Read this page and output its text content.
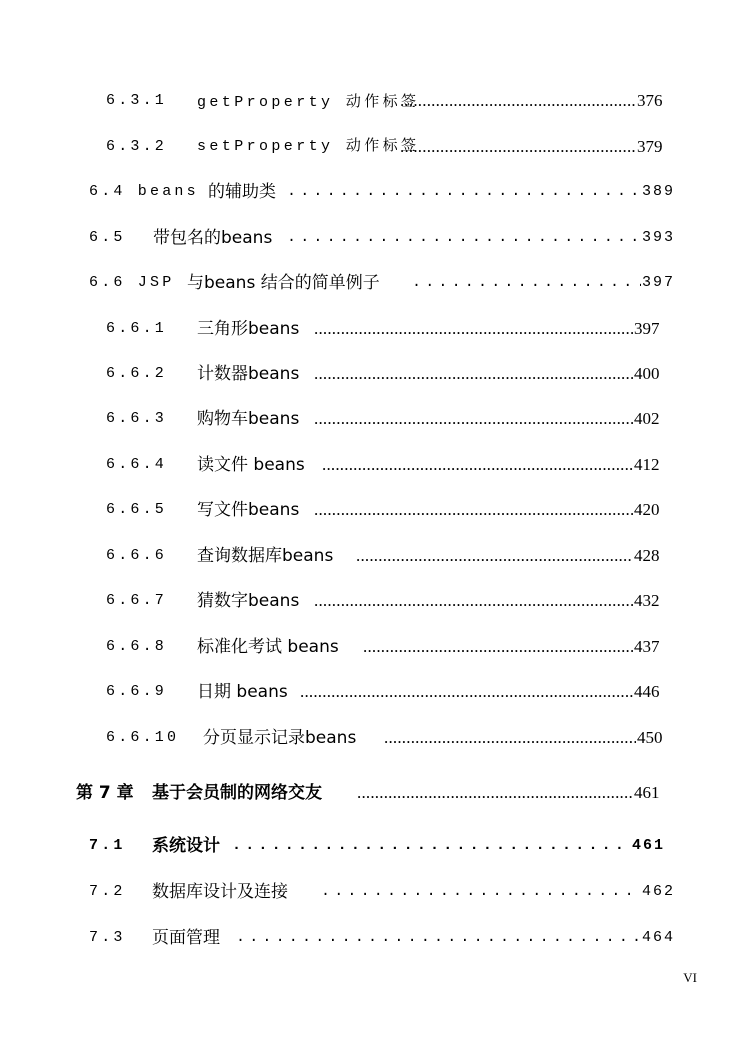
6.3.1 getProperty 动作标签 .....	376
6.3.2 setProperty 动作标签 .....	379
6.4 beans 的辅助类 .....	389
6.5 带包名的beans .....	393
6.6 JSP 与beans 结合的简单例子 .....	397
6.6.1 三角形beans .....	397
6.6.2 计数器beans .....	400
6.6.3 购物车beans .....	402
6.6.4 读文件 beans .....	412
6.6.5 写文件beans .....	420
6.6.6 查询数据库beans .....	428
6.6.7 猜数字beans .....	432
6.6.8 标准化考试 beans .....	437
6.6.9 日期 beans .....	446
6.6.10 分页显示记录beans .....	450
第 7 章 基于会员制的网络交友 .....	461
7.1 系统设计 .....	461
7.2 数据库设计及连接 .....	462
7.3 页面管理 .....	464
VI
